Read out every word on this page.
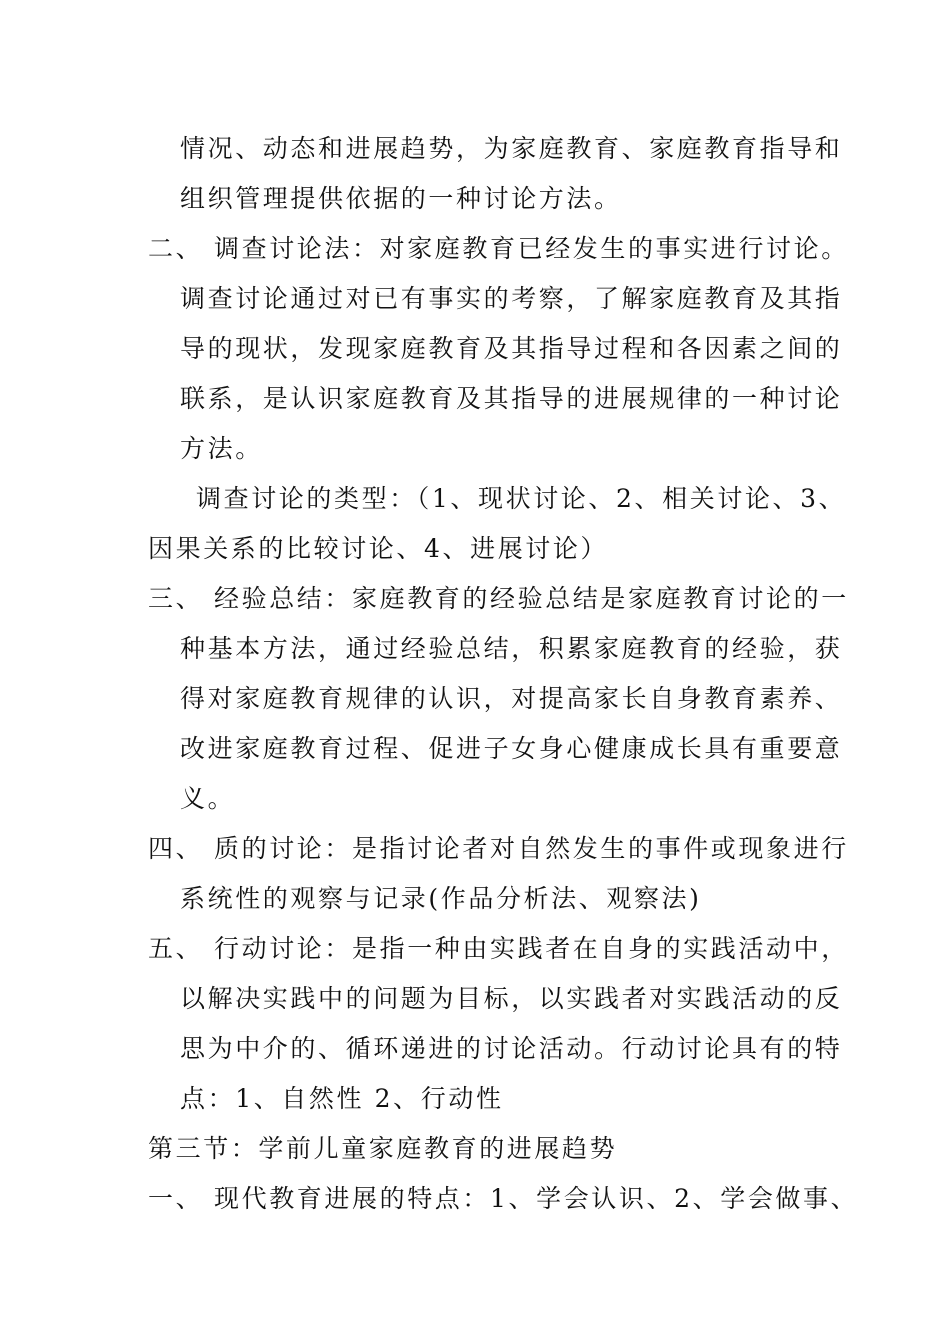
情况、动态和进展趋势，为家庭教育、家庭教育指导和
组织管理提供依据的一种讨论方法。
二、 调查讨论法：对家庭教育已经发生的事实进行讨论。
调查讨论通过对已有事实的考察，了解家庭教育及其指
导的现状，发现家庭教育及其指导过程和各因素之间的
联系，是认识家庭教育及其指导的进展规律的一种讨论
方法。
调查讨论的类型：（1、现状讨论、2、相关讨论、3、
因果关系的比较讨论、4、进展讨论）
三、 经验总结：家庭教育的经验总结是家庭教育讨论的一
种基本方法，通过经验总结，积累家庭教育的经验，获
得对家庭教育规律的认识，对提高家长自身教育素养、
改进家庭教育过程、促进子女身心健康成长具有重要意
义。
四、 质的讨论：是指讨论者对自然发生的事件或现象进行
系统性的观察与记录(作品分析法、观察法)
五、 行动讨论：是指一种由实践者在自身的实践活动中，
以解决实践中的问题为目标，以实践者对实践活动的反
思为中介的、循环递进的讨论活动。行动讨论具有的特
点：1、自然性 2、行动性
第三节：学前儿童家庭教育的进展趋势
一、 现代教育进展的特点：1、学会认识、2、学会做事、
